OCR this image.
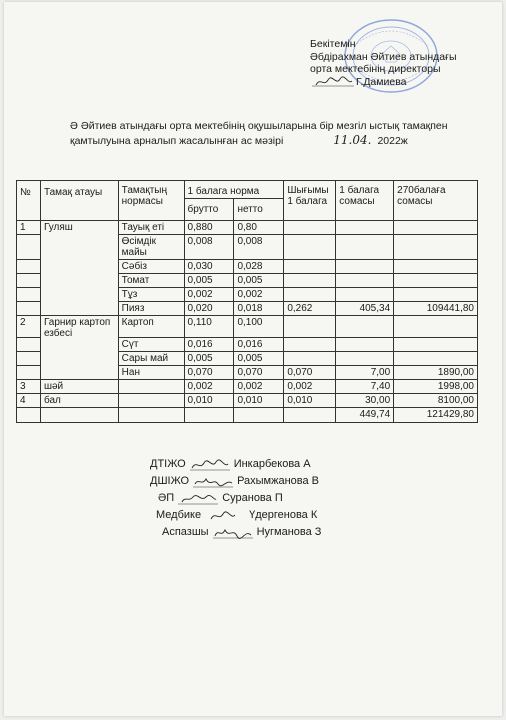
Бекітемін
Әбдірахман Әйтиев атындағы
орта мектебінің директоры
Г.Дамиева
Ә Әйтиев атындағы орта мектебінің оқушыларына бір мезгіл ыстық тамақпен
қамтылуына арналып жасалынған ас мәзірі	11.04. 2022ж
№	Тамақ атауы	Тамақтың нормасы	1 балага норма		Шығымы 1 балага	1 балага сомасы	270балаға сомасы
			брутто	нетто			
1	Гуляш	Тауық еті	0,880	0,80			
		Өсімдік майы	0,008	0,008			
		Сәбіз	0,030	0,028			
		Томат	0,005	0,005			
		Тұз	0,002	0,002			
		Пияз	0,020	0,018	0,262	405,34	109441,80
2	Гарнир картоп езбесі	Картоп	0,110	0,100			
		Сүт	0,016	0,016			
		Сары май	0,005	0,005			
		Нан	0,070	0,070	0,070	7,00	1890,00
3	шәй		0,002	0,002	0,002	7,40	1998,00
4	бал		0,010	0,010	0,010	30,00	8100,00
						449,74	121429,80
ДТІЖО	Инкарбекова А
ДШІЖО	Рахымжанова В
ӘП	Суранова П
Медбике	Үдергенова К
Аспазшы	Нугманова З
